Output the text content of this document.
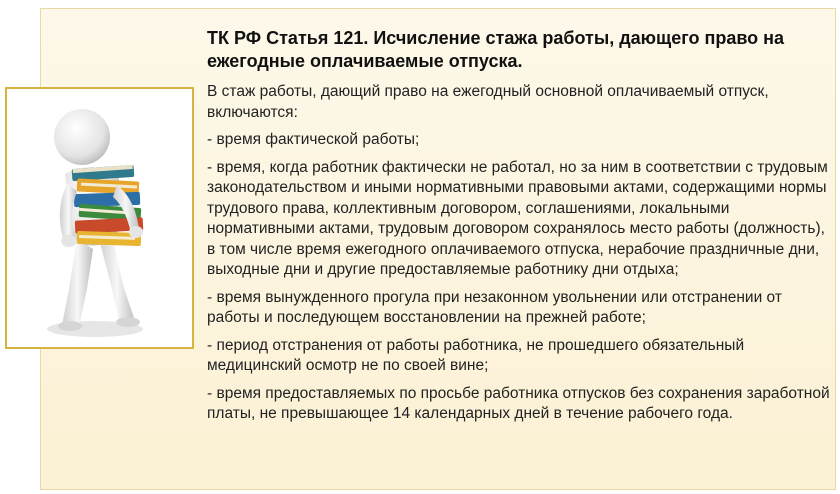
ТК РФ Статья 121. Исчисление стажа работы, дающего право на ежегодные оплачиваемые отпуска.

В стаж работы, дающий право на ежегодный основной оплачиваемый отпуск, включаются:

- время фактической работы;

- время, когда работник фактически не работал, но за ним в соответствии с трудовым законодательством и иными нормативными правовыми актами, содержащими нормы трудового права, коллективным договором, соглашениями, локальными нормативными актами, трудовым договором сохранялось место работы (должность), в том числе время ежегодного оплачиваемого отпуска, нерабочие праздничные дни, выходные дни и другие предоставляемые работнику дни отдыха;

- время вынужденного прогула при незаконном увольнении или отстранении от работы и последующем восстановлении на прежней работе;

- период отстранения от работы работника, не прошедшего обязательный медицинский осмотр не по своей вине;

- время предоставляемых по просьбе работника отпусков без сохранения заработной платы, не превышающее 14 календарных дней в течение рабочего года.
